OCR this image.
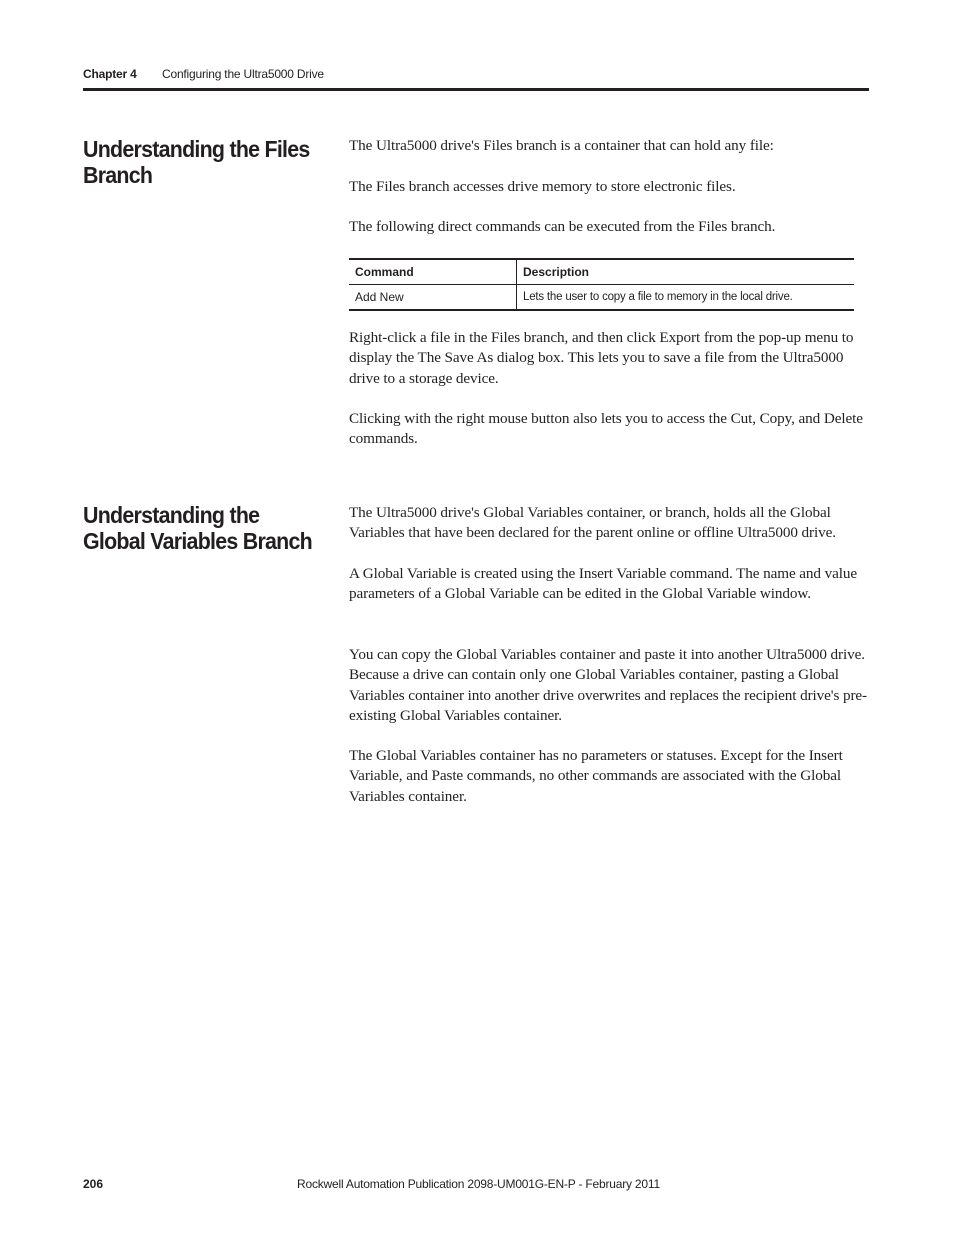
Chapter 4 Configuring the Ultra5000 Drive
Understanding the Files Branch

The Ultra5000 drive's Files branch is a container that can hold any file:

The Files branch accesses drive memory to store electronic files.

The following direct commands can be executed from the Files branch.

Command	Description
Add New	Lets the user to copy a file to memory in the local drive.

Right-click a file in the Files branch, and then click Export from the pop-up menu to display the The Save As dialog box. This lets you to save a file from the Ultra5000 drive to a storage device.

Clicking with the right mouse button also lets you to access the Cut, Copy, and Delete commands.

Understanding the Global Variables Branch

The Ultra5000 drive's Global Variables container, or branch, holds all the Global Variables that have been declared for the parent online or offline Ultra5000 drive.

A Global Variable is created using the Insert Variable command. The name and value parameters of a Global Variable can be edited in the Global Variable window.

You can copy the Global Variables container and paste it into another Ultra5000 drive. Because a drive can contain only one Global Variables container, pasting a Global Variables container into another drive overwrites and replaces the recipient drive's pre-existing Global Variables container.

The Global Variables container has no parameters or statuses. Except for the Insert Variable, and Paste commands, no other commands are associated with the Global Variables container.

206	Rockwell Automation Publication 2098-UM001G-EN-P - February 2011
